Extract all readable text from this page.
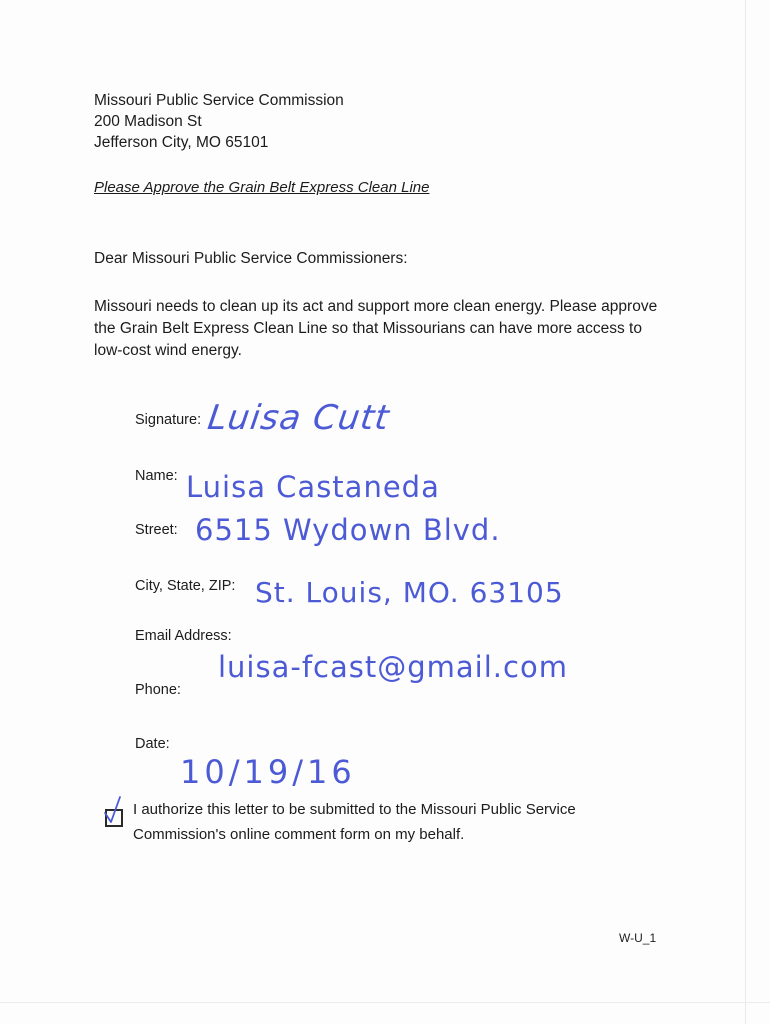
Missouri Public Service Commission
200 Madison St
Jefferson City, MO 65101
Please Approve the Grain Belt Express Clean Line
Dear Missouri Public Service Commissioners:
Missouri needs to clean up its act and support more clean energy. Please approve the Grain Belt Express Clean Line so that Missourians can have more access to low-cost wind energy.
Signature: Luisa Cutt
Name: Luisa Castaneda
Street: 6515 Wydown Blvd.
City, State, ZIP: St. Louis, MO. 63105
Email Address:
luisa-fcast@gmail.com
Phone:
Date:
10/19/16
I authorize this letter to be submitted to the Missouri Public Service Commission's online comment form on my behalf.
W-U_1
